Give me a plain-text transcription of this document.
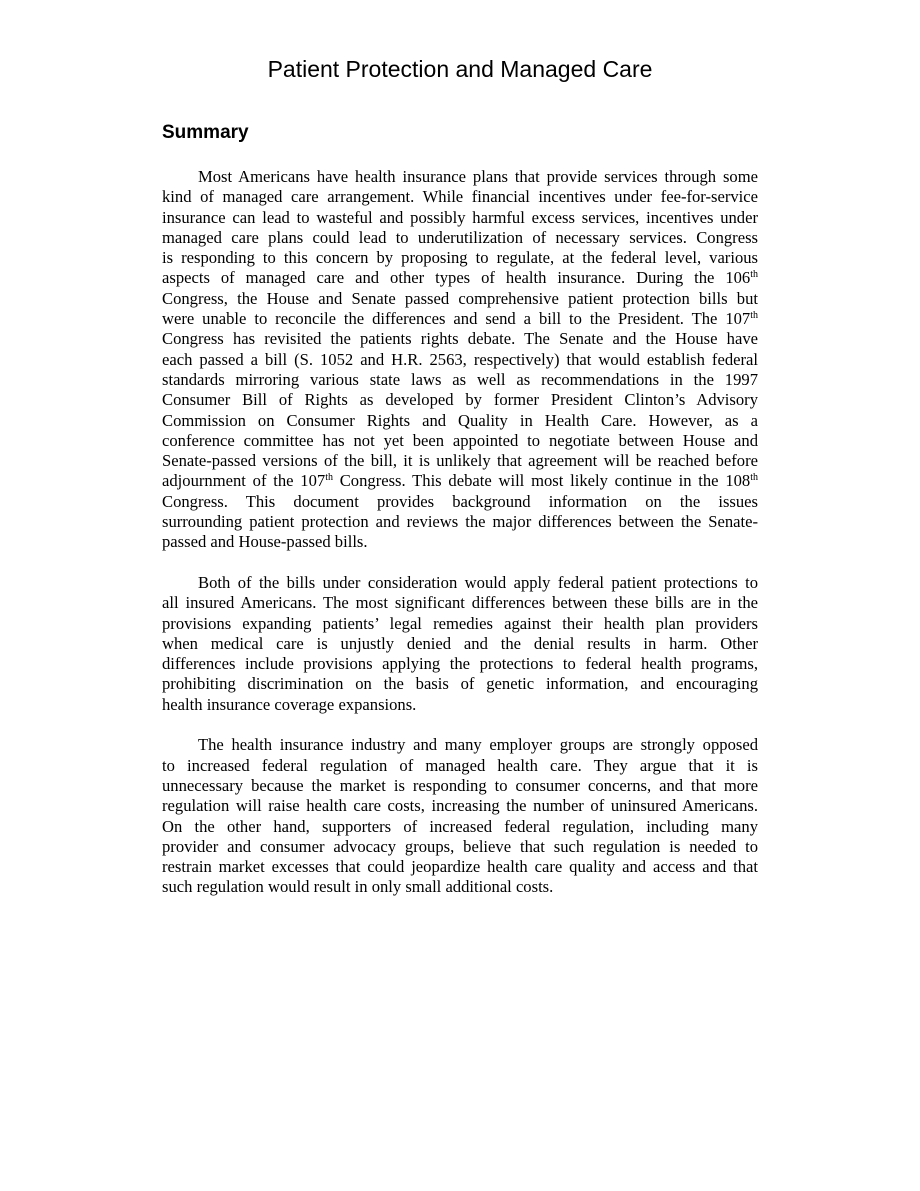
Patient Protection and Managed Care
Summary
Most Americans have health insurance plans that provide services through some
kind of managed care arrangement. While financial incentives under fee-for-service
insurance can lead to wasteful and possibly harmful excess services, incentives under
managed care plans could lead to underutilization of necessary services. Congress
is responding to this concern by proposing to regulate, at the federal level, various
aspects of managed care and other types of health insurance. During the 106th
Congress, the House and Senate passed comprehensive patient protection bills but
were unable to reconcile the differences and send a bill to the President. The 107th
Congress has revisited the patients rights debate. The Senate and the House have
each passed a bill (S. 1052 and H.R. 2563, respectively) that would establish federal
standards mirroring various state laws as well as recommendations in the 1997
Consumer Bill of Rights as developed by former President Clinton’s Advisory
Commission on Consumer Rights and Quality in Health Care. However, as a
conference committee has not yet been appointed to negotiate between House and
Senate-passed versions of the bill, it is unlikely that agreement will be reached before
adjournment of the 107th Congress. This debate will most likely continue in the 108th
Congress. This document provides background information on the issues
surrounding patient protection and reviews the major differences between the Senate-
passed and House-passed bills.
Both of the bills under consideration would apply federal patient protections to
all insured Americans. The most significant differences between these bills are in the
provisions expanding patients’ legal remedies against their health plan providers
when medical care is unjustly denied and the denial results in harm. Other
differences include provisions applying the protections to federal health programs,
prohibiting discrimination on the basis of genetic information, and encouraging
health insurance coverage expansions.
The health insurance industry and many employer groups are strongly opposed
to increased federal regulation of managed health care. They argue that it is
unnecessary because the market is responding to consumer concerns, and that more
regulation will raise health care costs, increasing the number of uninsured Americans.
On the other hand, supporters of increased federal regulation, including many
provider and consumer advocacy groups, believe that such regulation is needed to
restrain market excesses that could jeopardize health care quality and access and that
such regulation would result in only small additional costs.
